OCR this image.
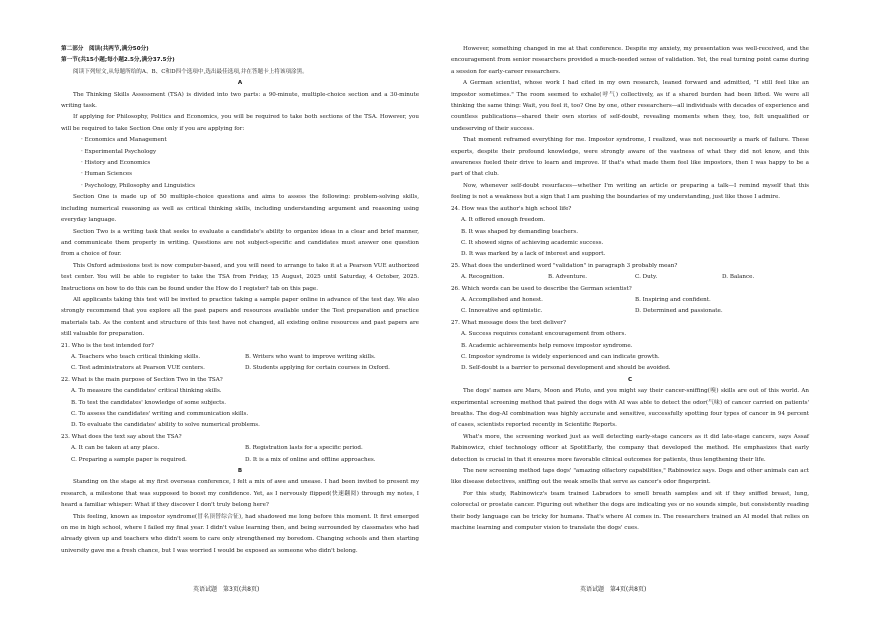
第二部分　阅读(共两节,满分50分)

第一节(共15小题;每小题2.5分,满分37.5分)

阅读下列短文,从每题所给的A、B、C和D四个选项中,选出最佳选项,并在答题卡上将该项涂黑。

A

The Thinking Skills Assessment (TSA) is divided into two parts: a 90-minute, multiple-choice section and a 30-minute writing task.

If applying for Philosophy, Politics and Economics, you will be required to take both sections of the TSA. However, you will be required to take Section One only if you are applying for:

· Economics and Management

· Experimental Psychology

· History and Economics

· Human Sciences

· Psychology, Philosophy and Linguistics

Section One is made up of 50 multiple-choice questions and aims to assess the following: problem-solving skills, including numerical reasoning as well as critical thinking skills, including understanding argument and reasoning using everyday language.

Section Two is a writing task that seeks to evaluate a candidate's ability to organize ideas in a clear and brief manner, and communicate them properly in writing. Questions are not subject-specific and candidates must answer one question from a choice of four.

This Oxford admissions test is now computer-based, and you will need to arrange to take it at a Pearson VUE authorized test center. You will be able to register to take the TSA from Friday, 15 August, 2025 until Saturday, 4 October, 2025. Instructions on how to do this can be found under the How do I register? tab on this page.

All applicants taking this test will be invited to practice taking a sample paper online in advance of the test day. We also strongly recommend that you explore all the past papers and resources available under the Test preparation and practice materials tab. As the content and structure of this test have not changed, all existing online resources and past papers are still valuable for preparation.

21. Who is the test intended for?

A. Teachers who teach critical thinking skills.	B. Writers who want to improve writing skills.
C. Test administrators at Pearson VUE centers.	D. Students applying for certain courses in Oxford.

22. What is the main purpose of Section Two in the TSA?

A. To measure the candidates' critical thinking skills.
B. To test the candidates' knowledge of some subjects.
C. To assess the candidates' writing and communication skills.
D. To evaluate the candidates' ability to solve numerical problems.

23. What does the text say about the TSA?

A. It can be taken at any place.	B. Registration lasts for a specific period.
C. Preparing a sample paper is required.	D. It is a mix of online and offline approaches.

B

Standing on the stage at my first overseas conference, I felt a mix of awe and unease. I had been invited to present my research, a milestone that was supposed to boost my confidence. Yet, as I nervously flipped(快速翻阅) through my notes, I heard a familiar whisper: What if they discover I don't truly belong here?

This feeling, known as impostor syndrome(冒名顶替综合征), had shadowed me long before this moment. It first emerged on me in high school, where I failed my final year. I didn't value learning then, and being surrounded by classmates who had already given up and teachers who didn't seem to care only strengthened my boredom. Changing schools and then starting university gave me a fresh chance, but I was worried I would be exposed as someone who didn't belong.

However, something changed in me at that conference. Despite my anxiety, my presentation was well-received, and the encouragement from senior researchers provided a much-needed sense of validation. Yet, the real turning point came during a session for early-career researchers.

A German scientist, whose work I had cited in my own research, leaned forward and admitted, "I still feel like an impostor sometimes." The room seemed to exhale(呼气) collectively, as if a shared burden had been lifted. We were all thinking the same thing: Wait, you feel it, too? One by one, other researchers—all individuals with decades of experience and countless publications—shared their own stories of self-doubt, revealing moments when they, too, felt unqualified or undeserving of their success.

That moment reframed everything for me. Impostor syndrome, I realized, was not necessarily a mark of failure. These experts, despite their profound knowledge, were strongly aware of the vastness of what they did not know, and this awareness fueled their drive to learn and improve. If that's what made them feel like impostors, then I was happy to be a part of that club.

Now, whenever self-doubt resurfaces—whether I'm writing an article or preparing a talk—I remind myself that this feeling is not a weakness but a sign that I am pushing the boundaries of my understanding, just like those I admire.

24. How was the author's high school life?

A. It offered enough freedom.
B. It was shaped by demanding teachers.
C. It showed signs of achieving academic success.
D. It was marked by a lack of interest and support.

25. What does the underlined word "validation" in paragraph 3 probably mean?

A. Recognition.	B. Adventure.	C. Duty.	D. Balance.

26. Which words can be used to describe the German scientist?

A. Accomplished and honest.	B. Inspiring and confident.
C. Innovative and optimistic.	D. Determined and passionate.

27. What message does the text deliver?

A. Success requires constant encouragement from others.
B. Academic achievements help remove impostor syndrome.
C. Impostor syndrome is widely experienced and can indicate growth.
D. Self-doubt is a barrier to personal development and should be avoided.

C

The dogs' names are Mars, Moon and Pluto, and you might say their cancer-sniffing(嗅) skills are out of this world. An experimental screening method that paired the dogs with AI was able to detect the odor(气味) of cancer carried on patients' breaths. The dog-AI combination was highly accurate and sensitive, successfully spotting four types of cancer in 94 percent of cases, scientists reported recently in Scientific Reports.

What's more, the screening worked just as well detecting early-stage cancers as it did late-stage cancers, says Assaf Rabinowicz, chief technology officer at SpotitEarly, the company that developed the method. He emphasizes that early detection is crucial in that it ensures more favorable clinical outcomes for patients, thus lengthening their life.

The new screening method taps dogs' "amazing olfactory capabilities," Rabinowicz says. Dogs and other animals can act like disease detectives, sniffing out the weak smells that serve as cancer's odor fingerprint.

For this study, Rabinowicz's team trained Labradors to smell breath samples and sit if they sniffed breast, lung, colorectal or prostate cancer. Figuring out whether the dogs are indicating yes or no sounds simple, but consistently reading their body language can be tricky for humans. That's where AI comes in. The researchers trained an AI model that relies on machine learning and computer vision to translate the dogs' cues.

英语试题　第3页(共8页)	英语试题　第4页(共8页)
